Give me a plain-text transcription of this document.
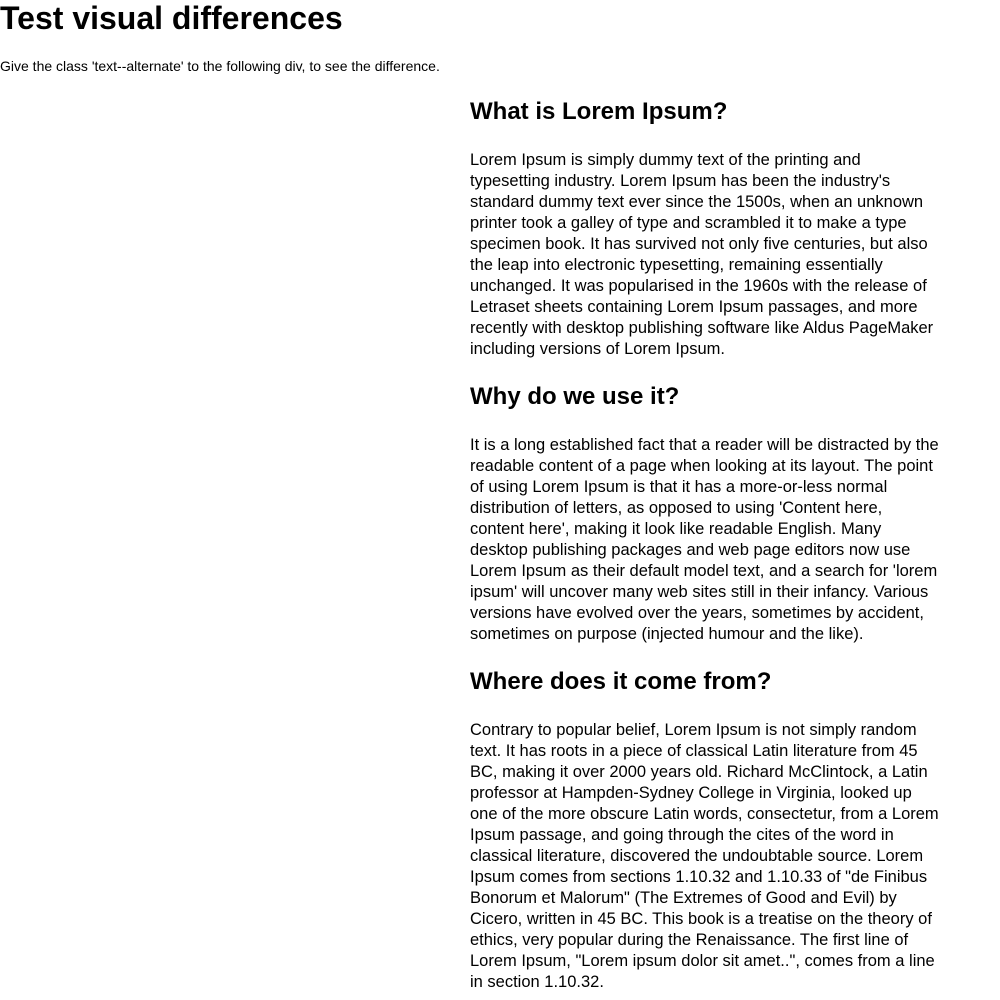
Test visual differences

Give the class 'text--alternate' to the following div, to see the difference.

What is Lorem Ipsum?

Lorem Ipsum is simply dummy text of the printing and
typesetting industry. Lorem Ipsum has been the industry's
standard dummy text ever since the 1500s, when an unknown
printer took a galley of type and scrambled it to make a type
specimen book. It has survived not only five centuries, but also
the leap into electronic typesetting, remaining essentially
unchanged. It was popularised in the 1960s with the release of
Letraset sheets containing Lorem Ipsum passages, and more
recently with desktop publishing software like Aldus PageMaker
including versions of Lorem Ipsum.

Why do we use it?

It is a long established fact that a reader will be distracted by the
readable content of a page when looking at its layout. The point
of using Lorem Ipsum is that it has a more-or-less normal
distribution of letters, as opposed to using 'Content here,
content here', making it look like readable English. Many
desktop publishing packages and web page editors now use
Lorem Ipsum as their default model text, and a search for 'lorem
ipsum' will uncover many web sites still in their infancy. Various
versions have evolved over the years, sometimes by accident,
sometimes on purpose (injected humour and the like).

Where does it come from?

Contrary to popular belief, Lorem Ipsum is not simply random
text. It has roots in a piece of classical Latin literature from 45
BC, making it over 2000 years old. Richard McClintock, a Latin
professor at Hampden-Sydney College in Virginia, looked up
one of the more obscure Latin words, consectetur, from a Lorem
Ipsum passage, and going through the cites of the word in
classical literature, discovered the undoubtable source. Lorem
Ipsum comes from sections 1.10.32 and 1.10.33 of "de Finibus
Bonorum et Malorum" (The Extremes of Good and Evil) by
Cicero, written in 45 BC. This book is a treatise on the theory of
ethics, very popular during the Renaissance. The first line of
Lorem Ipsum, "Lorem ipsum dolor sit amet..", comes from a line
in section 1.10.32.
